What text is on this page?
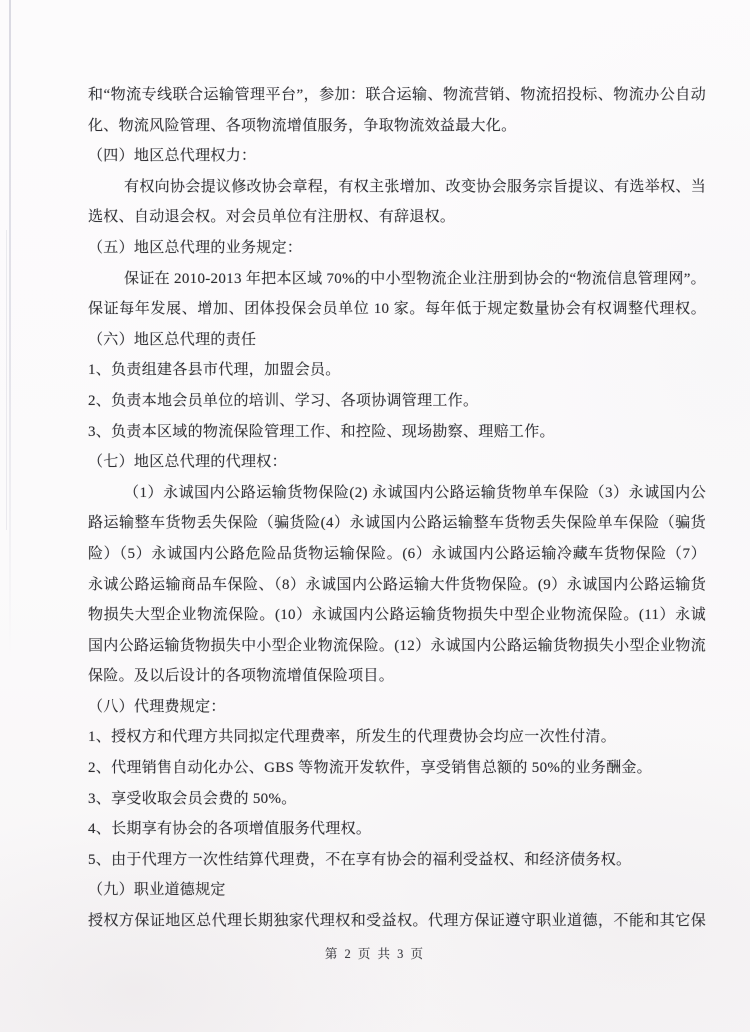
和“物流专线联合运输管理平台”，参加：联合运输、物流营销、物流招投标、物流办公自动
化、物流风险管理、各项物流增值服务，争取物流效益最大化。
（四）地区总代理权力：
有权向协会提议修改协会章程，有权主张增加、改变协会服务宗旨提议、有选举权、当
选权、自动退会权。对会员单位有注册权、有辞退权。
（五）地区总代理的业务规定：
保证在 2010-2013 年把本区域 70%的中小型物流企业注册到协会的“物流信息管理网”。
保证每年发展、增加、团体投保会员单位 10 家。每年低于规定数量协会有权调整代理权。
（六）地区总代理的责任
1、负责组建各县市代理，加盟会员。
2、负责本地会员单位的培训、学习、各项协调管理工作。
3、负责本区域的物流保险管理工作、和控险、现场勘察、理赔工作。
（七）地区总代理的代理权：
（1）永诚国内公路运输货物保险(2) 永诚国内公路运输货物单车保险（3）永诚国内公
路运输整车货物丢失保险（骗货险(4）永诚国内公路运输整车货物丢失保险单车保险（骗货
险）（5）永诚国内公路危险品货物运输保险。(6）永诚国内公路运输冷藏车货物保险（7）
永诚公路运输商品车保险、（8）永诚国内公路运输大件货物保险。(9）永诚国内公路运输货
物损失大型企业物流保险。(10）永诚国内公路运输货物损失中型企业物流保险。(11）永诚
国内公路运输货物损失中小型企业物流保险。(12）永诚国内公路运输货物损失小型企业物流
保险。及以后设计的各项物流增值保险项目。
（八）代理费规定：
1、授权方和代理方共同拟定代理费率，所发生的代理费协会均应一次性付清。
2、代理销售自动化办公、GBS 等物流开发软件，享受销售总额的 50%的业务酬金。
3、享受收取会员会费的 50%。
4、长期享有协会的各项增值服务代理权。
5、由于代理方一次性结算代理费，不在享有协会的福利受益权、和经济债务权。
（九）职业道德规定
授权方保证地区总代理长期独家代理权和受益权。代理方保证遵守职业道德，不能和其它保
第 2 页 共 3 页
